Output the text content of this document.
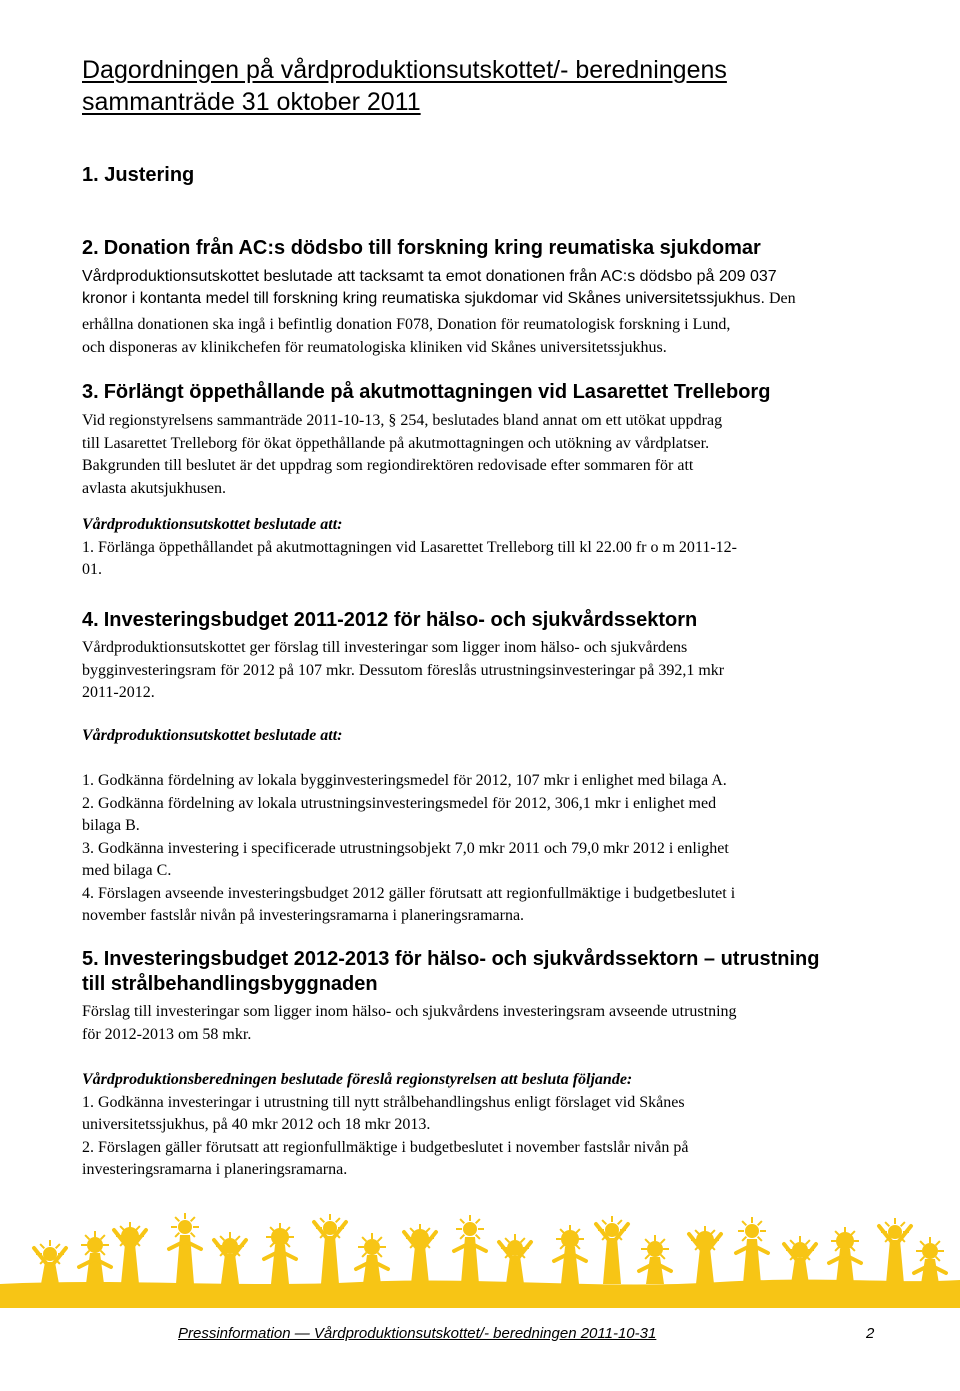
Dagordningen på vårdproduktionsutskottet/- beredningens
sammanträde 31 oktober 2011
1. Justering
2. Donation från AC:s dödsbo till forskning kring reumatiska sjukdomar
Vårdproduktionsutskottet beslutade att tacksamt ta emot donationen från AC:s dödsbo på 209 037
kronor i kontanta medel till forskning kring reumatiska sjukdomar vid Skånes universitetssjukhus. Den
erhållna donationen ska ingå i befintlig donation F078, Donation för reumatologisk forskning i Lund,
och disponeras av klinikchefen för reumatologiska kliniken vid Skånes universitetssjukhus.
3. Förlängt öppethållande på akutmottagningen vid Lasarettet Trelleborg
Vid regionstyrelsens sammanträde 2011-10-13, § 254, beslutades bland annat om ett utökat uppdrag
till Lasarettet Trelleborg för ökat öppethållande på akutmottagningen och utökning av vårdplatser.
Bakgrunden till beslutet är det uppdrag som regiondirektören redovisade efter sommaren för att
avlasta akutsjukhusen.
Vårdproduktionsutskottet beslutade att:
1. Förlänga öppethållandet på akutmottagningen vid Lasarettet Trelleborg till kl 22.00 fr o m 2011-12-
01.
4. Investeringsbudget 2011-2012 för hälso- och sjukvårdssektorn
Vårdproduktionsutskottet ger förslag till investeringar som ligger inom hälso- och sjukvårdens
bygginvesteringsram för 2012 på 107 mkr. Dessutom föreslås utrustningsinvesteringar på 392,1 mkr
2011-2012.
Vårdproduktionsutskottet beslutade att:
1. Godkänna fördelning av lokala bygginvesteringsmedel för 2012, 107 mkr i enlighet med bilaga A.
2. Godkänna fördelning av lokala utrustningsinvesteringsmedel för 2012, 306,1 mkr i enlighet med
bilaga B.
3. Godkänna investering i specificerade utrustningsobjekt 7,0 mkr 2011 och 79,0 mkr 2012 i enlighet
med bilaga C.
4. Förslagen avseende investeringsbudget 2012 gäller förutsatt att regionfullmäktige i budgetbeslutet i
november fastslår nivån på investeringsramarna i planeringsramarna.
5. Investeringsbudget 2012-2013 för hälso- och sjukvårdssektorn – utrustning
till strålbehandlingsbyggnaden
Förslag till investeringar som ligger inom hälso- och sjukvårdens investeringsram avseende utrustning
för 2012-2013 om 58 mkr.
Vårdproduktionsberedningen beslutade föreslå regionstyrelsen att besluta följande:
1. Godkänna investeringar i utrustning till nytt strålbehandlingshus enligt förslaget vid Skånes
universitetssjukhus, på 40 mkr 2012 och 18 mkr 2013.
2. Förslagen gäller förutsatt att regionfullmäktige i budgetbeslutet i november fastslår nivån på
investeringsramarna i planeringsramarna.
Pressinformation — Vårdproduktionsutskottet/- beredningen 2011-10-31	2
